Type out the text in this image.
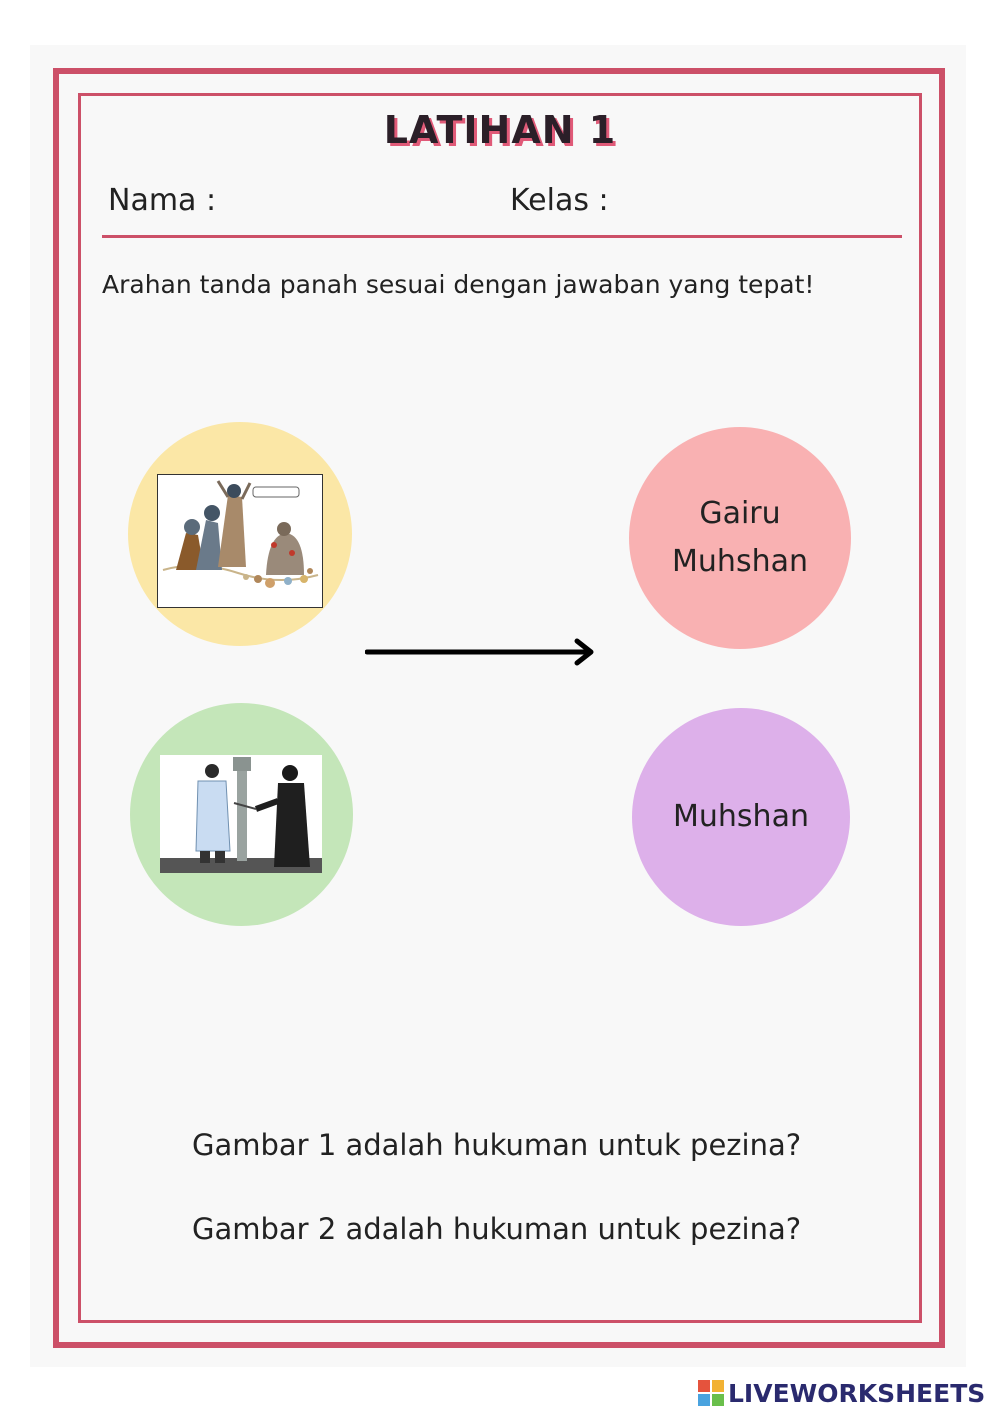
LATIHAN 1
Nama :	Kelas :
Arahan tanda panah sesuai dengan jawaban yang tepat!
Gairu Muhshan
Muhshan
Gambar 1 adalah hukuman untuk pezina?
Gambar 2 adalah hukuman untuk pezina?
LIVEWORKSHEETS
